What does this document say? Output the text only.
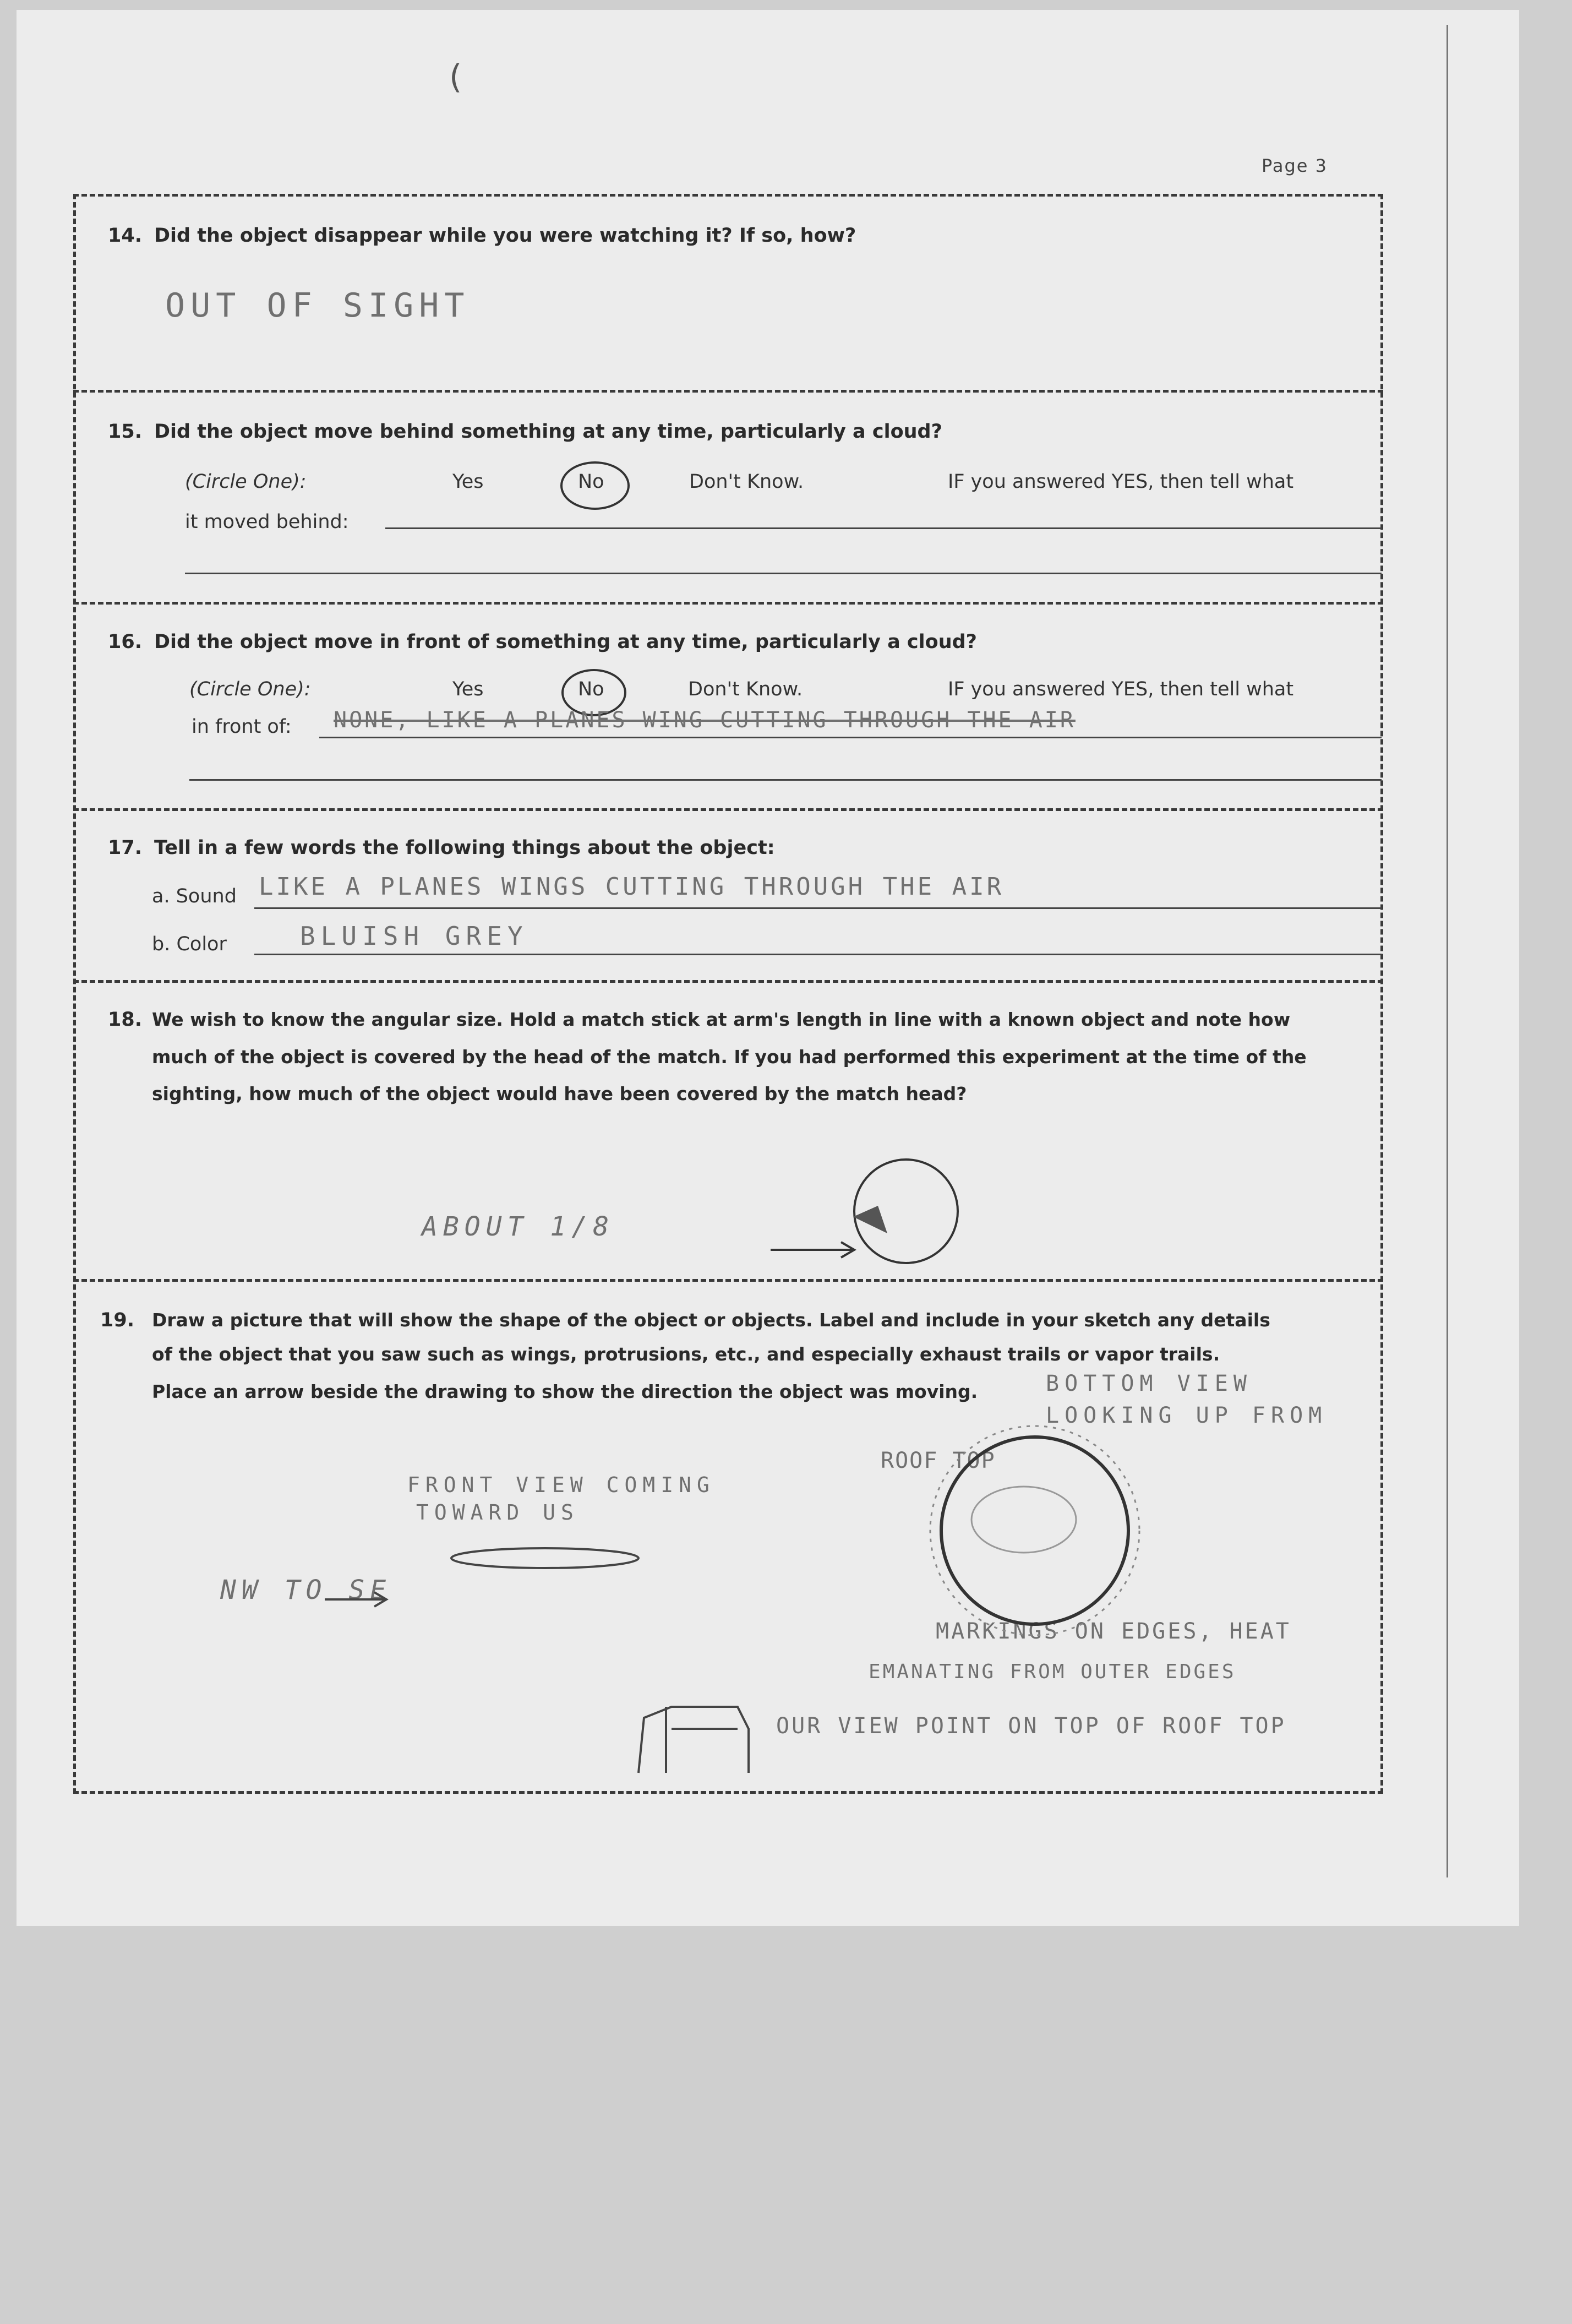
(
Page 3
14. Did the object disappear while you were watching it? If so, how?
OUT OF SIGHT
15. Did the object move behind something at any time, particularly a cloud?
(Circle One):	Yes	No	Don't Know.	IF you answered YES, then tell what
it moved behind:
16. Did the object move in front of something at any time, particularly a cloud?
(Circle One):	Yes	No	Don't Know.	IF you answered YES, then tell what
in front of: NONE, LIKE A PLANES WING CUTTING THROUGH THE AIR
17. Tell in a few words the following things about the object:
a. Sound LIKE A PLANES WINGS CUTTING THROUGH THE AIR
b. Color	BLUISH GREY
18. We wish to know the angular size. Hold a match stick at arm's length in line with a known object and note how
much of the object is covered by the head of the match. If you had performed this experiment at the time of the
sighting, how much of the object would have been covered by the match head?
ABOUT 1/8
19. Draw a picture that will show the shape of the object or objects. Label and include in your sketch any details
of the object that you saw such as wings, protrusions, etc., and especially exhaust trails or vapor trails.
Place an arrow beside the drawing to show the direction the object was moving.	BOTTOM VIEW
LOOKING UP FROM
ROOF TOP
FRONT VIEW COMING
TOWARD US
NW TO SE
MARKINGS ON EDGES, HEAT
EMANATING FROM OUTER EDGES
OUR VIEW POINT ON TOP OF ROOF TOP
